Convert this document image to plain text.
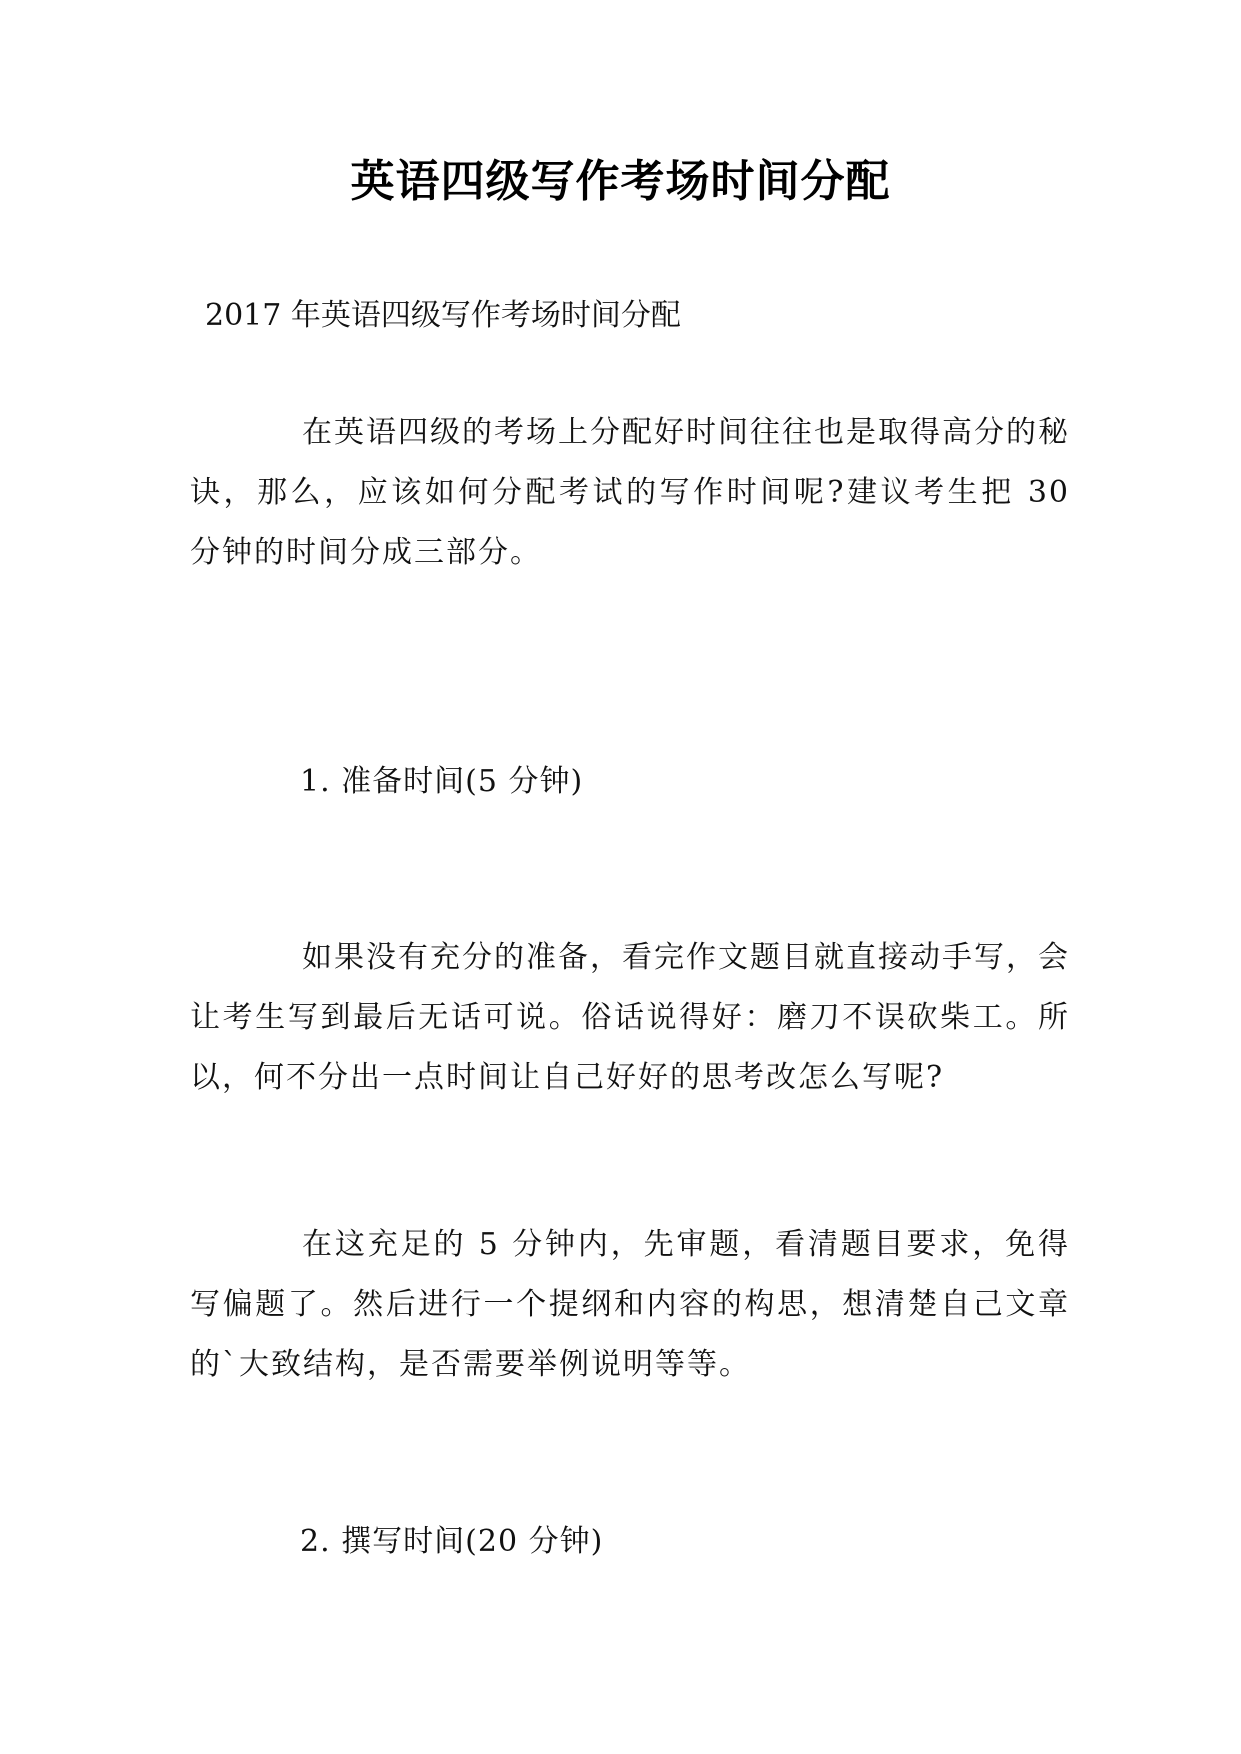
英语四级写作考场时间分配
2017 年英语四级写作考场时间分配

在英语四级的考场上分配好时间往往也是取得高分的秘诀，那么，应该如何分配考试的写作时间呢?建议考生把 30 分钟的时间分成三部分。

1. 准备时间(5 分钟)

如果没有充分的准备，看完作文题目就直接动手写，会让考生写到最后无话可说。俗话说得好：磨刀不误砍柴工。所以，何不分出一点时间让自己好好的思考改怎么写呢?

在这充足的 5 分钟内，先审题，看清题目要求，免得写偏题了。然后进行一个提纲和内容的构思，想清楚自己文章的`大致结构，是否需要举例说明等等。

2. 撰写时间(20 分钟)
